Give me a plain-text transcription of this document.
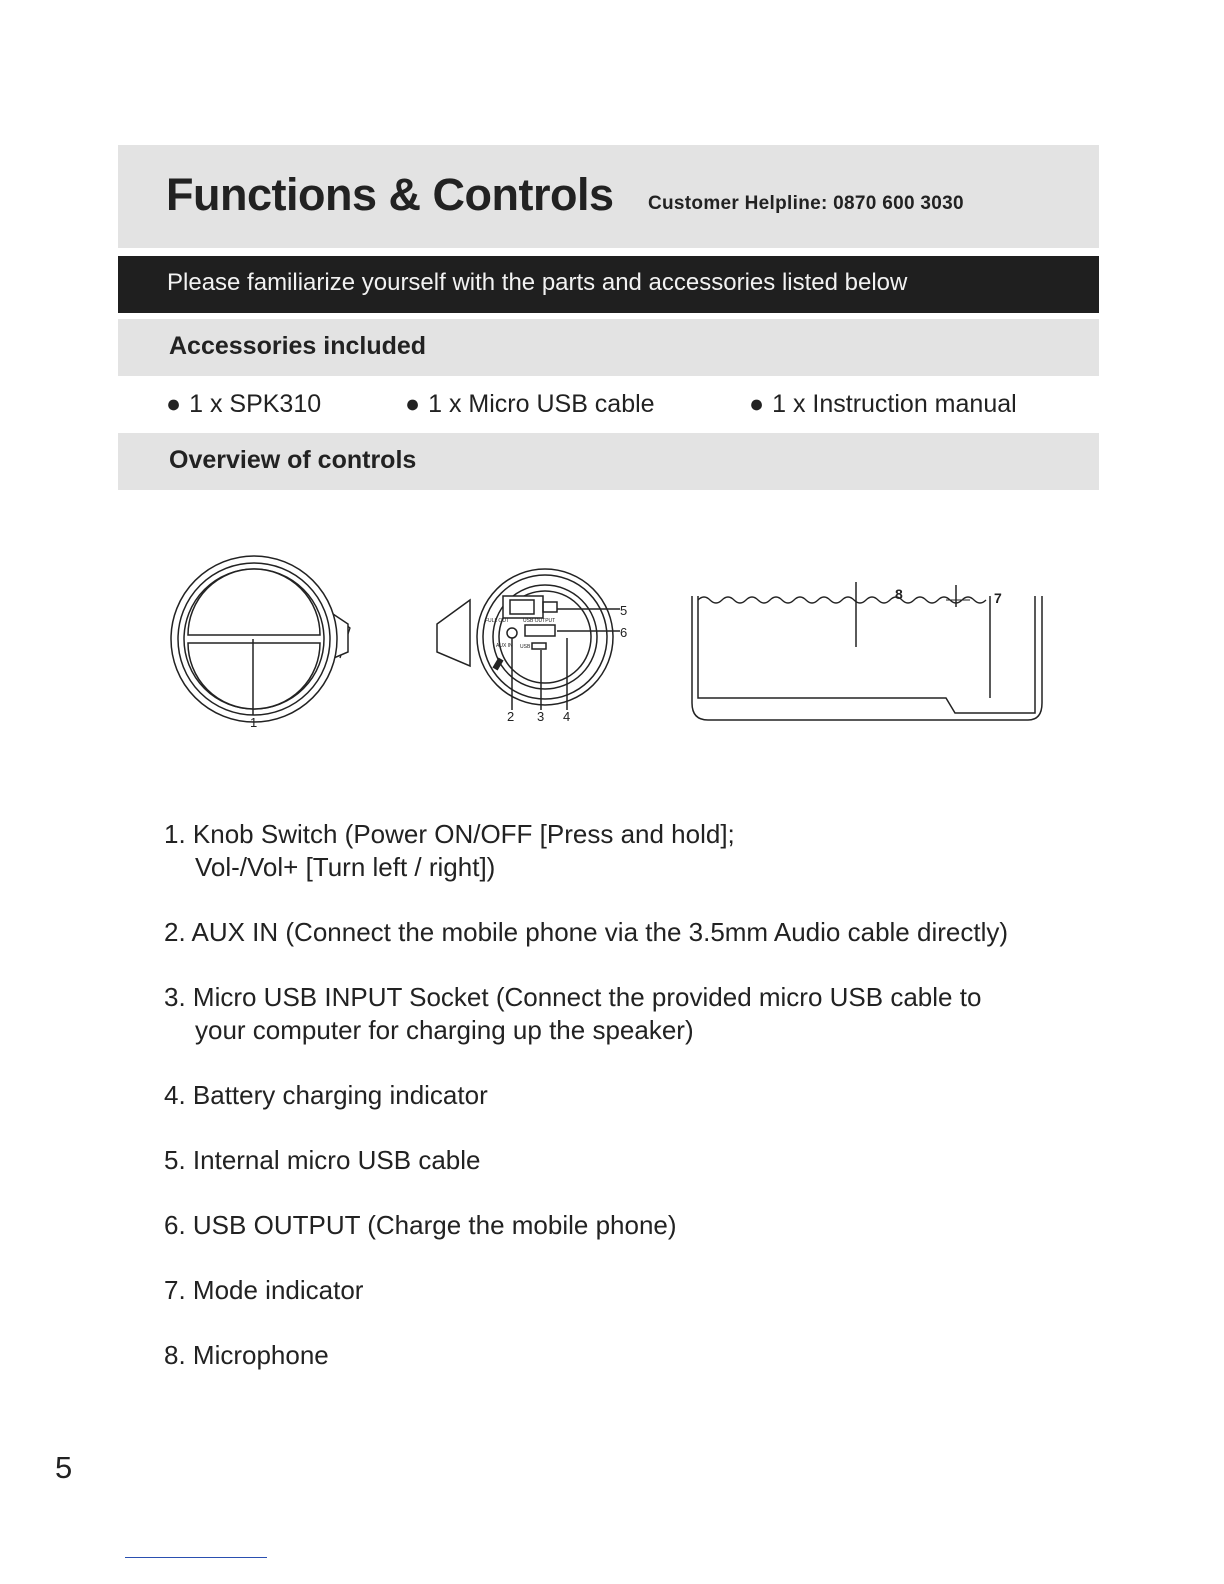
Functions & Controls Customer Helpline: 0870 600 3030
Please familiarize yourself with the parts and accessories listed below
Accessories included
● 1 x SPK310	● 1 x Micro USB cable	● 1 x Instruction manual
Overview of controls
1	2 3 4
5
6
FULL OUT	USB OUTPUT
AUX IN USB
8	7
1. Knob Switch (Power ON/OFF [Press and hold];
Vol-/Vol+ [Turn left / right])
2. AUX IN (Connect the mobile phone via the 3.5mm Audio cable directly)
3. Micro USB INPUT Socket (Connect the provided micro USB cable to
your computer for charging up the speaker)
4. Battery charging indicator
5. Internal micro USB cable
6. USB OUTPUT (Charge the mobile phone)
7. Mode indicator
8. Microphone
5
